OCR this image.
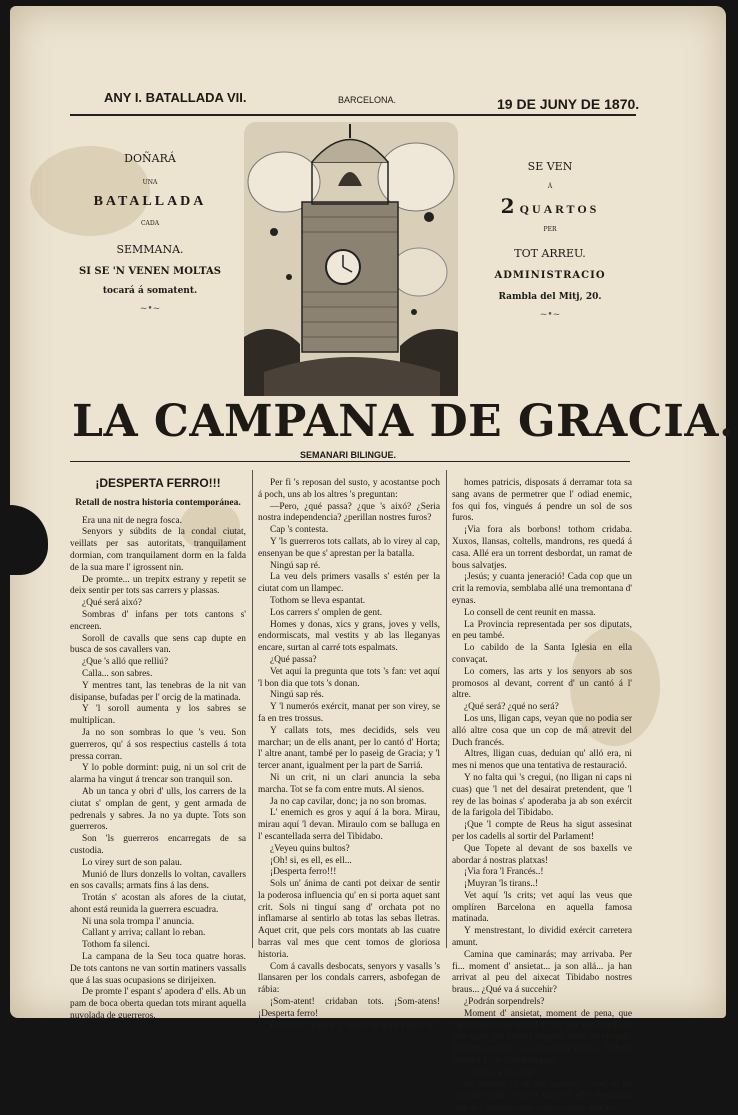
ANY I. BATALLADA VII.	BARCELONA.	19 DE JUNY DE 1870.
DOÑARÁ
UNA
BATALLADA
CADA
SEMMANA.
SI SE 'N VENEN MOLTAS
tocará á somatent.
~•~
SE VEN
Á
2 QUARTOS
PER
TOT ARREU.
ADMINISTRACIO
Rambla del Mitj, 20.
~•~
LA CAMPANA DE GRACIA.
SEMANARI BILINGUE.

¡DESPERTA FERRO!!!

Retall de nostra historia contemporánea.

Era una nit de negra fosca.

Senyors y súbdits de la condal ciutat, veillats per sas autoritats, tranquilament dormian, com tranquilament dorm en la falda de la sua mare l' igrossent nin.

De promte... un trepitx estrany y repetit se deix sentir per tots sas carrers y plassas.

¿Qué será aixó?

Sombras d' infans per tots cantons s' encreen.

Soroll de cavalls que sens cap dupte en busca de sos cavallers van.

¿Que 's alló que relliú?

Calla... son sabres.

Y mentres tant, las tenebras de la nit van disipanse, bufadas per l' orcig de la matinada.

Y 'l soroll aumenta y los sabres se multiplican.

Ja no son sombras lo que 's veu. Son guerreros, qu' á sos respectius castells á tota pressa corran.

Y lo poble dormint: puig, ni un sol crit de alarma ha vingut á trencar son tranquil son.

Ab un tanca y obri d' ulls, los carrers de la ciutat s' omplan de gent, y gent armada de pedrenals y sabres. Ja no ya dupte. Tots son guerreros.

Son 'ls guerreros encarregats de sa custodia.

Lo virey surt de son palau.

Munió de llurs donzells lo voltan, cavallers en sos cavalls; armats fins á las dens.

Trotán s' acostan als afores de la ciutat, ahont está reunida la guerrera escuadra.

Ni una sola trompa l' anuncia.

Callant y arriva; callant lo reban.

Tothom fa silenci.

La campana de la Seu toca quatre horas. De tots cantons ne van sortin matiners vassalls que á las suas ocupasions se dirijeixen.

De promte l' espant s' apodera d' ells. Ab un pam de boca oberta quedan tots mirant aquella nuvolada de guerreros.

Per fi 's reposan del susto, y acostantse poch á poch, uns ab los altres 's preguntan:

—Pero, ¿qué passa? ¿que 's aixó? ¿Seria nostra independencia? ¿perillan nostres furos?

Cap 's contesta.

Y 'ls guerreros tots callats, ab lo virey al cap, ensenyan be que s' aprestan per la batalla.

Ningú sap ré.

La veu dels primers vasalls s' estén per la ciutat com un llampec.

Tothom se lleva espantat.

Los carrers s' omplen de gent.

Homes y donas, xics y grans, joves y vells, endormiscats, mal vestits y ab las lleganyas encare, surtan al carré tots espalmats.

¿Qué passa?

Vet aquí la pregunta que tots 's fan: vet aquí 'l bon dia que tots 's donan.

Ningú sap rés.

Y 'l numerós exércit, manat per son virey, se fa en tres trossus.

Y callats tots, mes decidids, sels veu marchar; un de ells anant, per lo cantó d' Horta; l' altre anant, també per lo paseig de Gracia; y 'l tercer anant, igualment per la part de Sarriá.

Ni un crit, ni un clari anuncia la seba marcha. Tot se fa com entre muts. Al sienos.

Ja no cap cavilar, donc; ja no son bromas.

L' enemich es gros y aquí á la bora. Mirau, mirau aquí 'l devan. Miraulo com se balluga en l' escantellada serra del Tibidabo.

¿Veyeu quins bultos?

¡Oh! si, es ell, es ell...

¡Desperta ferro!!!

Sols un' ánima de canti pot deixar de sentir la poderosa influencia qu' en si porta aquet sant crit. Sols ni tinguí sang d' orchata pot no inflamarse al sentirlo ab totas las sebas lletras. Aquet crit, que pels cors montats ab las cuatre barras val mes que cent tomos de gloriosa historia.

Com á cavalls desbocats, senyors y vasalls 's llansaren per los condals carrers, asbofegan de rábia:

¡Som-atent! cridaban tots. ¡Som-atens! ¡Desperta ferro!

La casa Capitular s' omplí de gom á gom de

homes patricis, disposats á derramar tota sa sang avans de permetrer que l' odiad enemic, fos qui fos, vingués á pendre un sol de sos furos.

¡Via fora als borbons! tothom cridaba. Xuxos, llansas, coltells, mandrons, res quedá á casa. Allé era un torrent desbordat, un ramat de bous salvatjes.

¡Jesús; y cuanta jeneració! Cada cop que un crit la removia, semblaba allé una tremontana d' eynas.

Lo consell de cent reunit en massa.

La Provincia representada per sos diputats, en peu també.

Lo cabildo de la Santa Iglesia en ella convaçat.

Lo comers, las arts y los senyors ab sos promosos al devant, corrent d' un cantó á l' altre.

¿Qué será? ¿qué no será?

Los uns, lligan caps, veyan que no podia ser alló altre cosa que un cop de má atrevit del Duch francés.

Altres, lligan cuas, deduian qu' alló era, ni mes ni menos que una tentativa de restauració.

Y no falta qui 's cregui, (no lligan ni caps ni cuas) que 'l net del desairat pretendent, que 'l rey de las boinas s' apoderaba ja ab son exércit de la farigola del Tibidabo.

¡Que 'l compte de Reus ha sigut assesinat per los cadells al sortir del Parlament!

Que Topete al devant de sos baxells ve abordar á nostras platxas!

¡Via fora 'l Francés..!

¡Muyran 'ls tirans..!

Vet aquí 'ls crits; vet aquí las veus que omplíren Barcelona en aquella famosa matinada.

Y menstrestant, lo dividid exércit carretera amunt.

Camina que caminarás; may arrivaba. Per fi... moment d' ansietat... ja son allá... ja han arrivat al peu del aixecat Tibidabo nostres braus... ¿Qué va á succehir?

¿Podrán sorpendrels?

Moment d' ansietat, moment de pena, que cap ploma ni de sert ni d' oca, per ben trempada que sigui, pot intentá siquiera ferne un croquis. Tothom portaba 'l cor lo mateix tricrec, Tothom portaba 'l cos la mateixa por.

¿Qué va á succehir?

De promte, ni un sol guerrero 's veu, ni un sol sabre relliú. ¿Qué s' ha fet d' ells? Semblaba com si s' hagués obert sota sos peus una in-
